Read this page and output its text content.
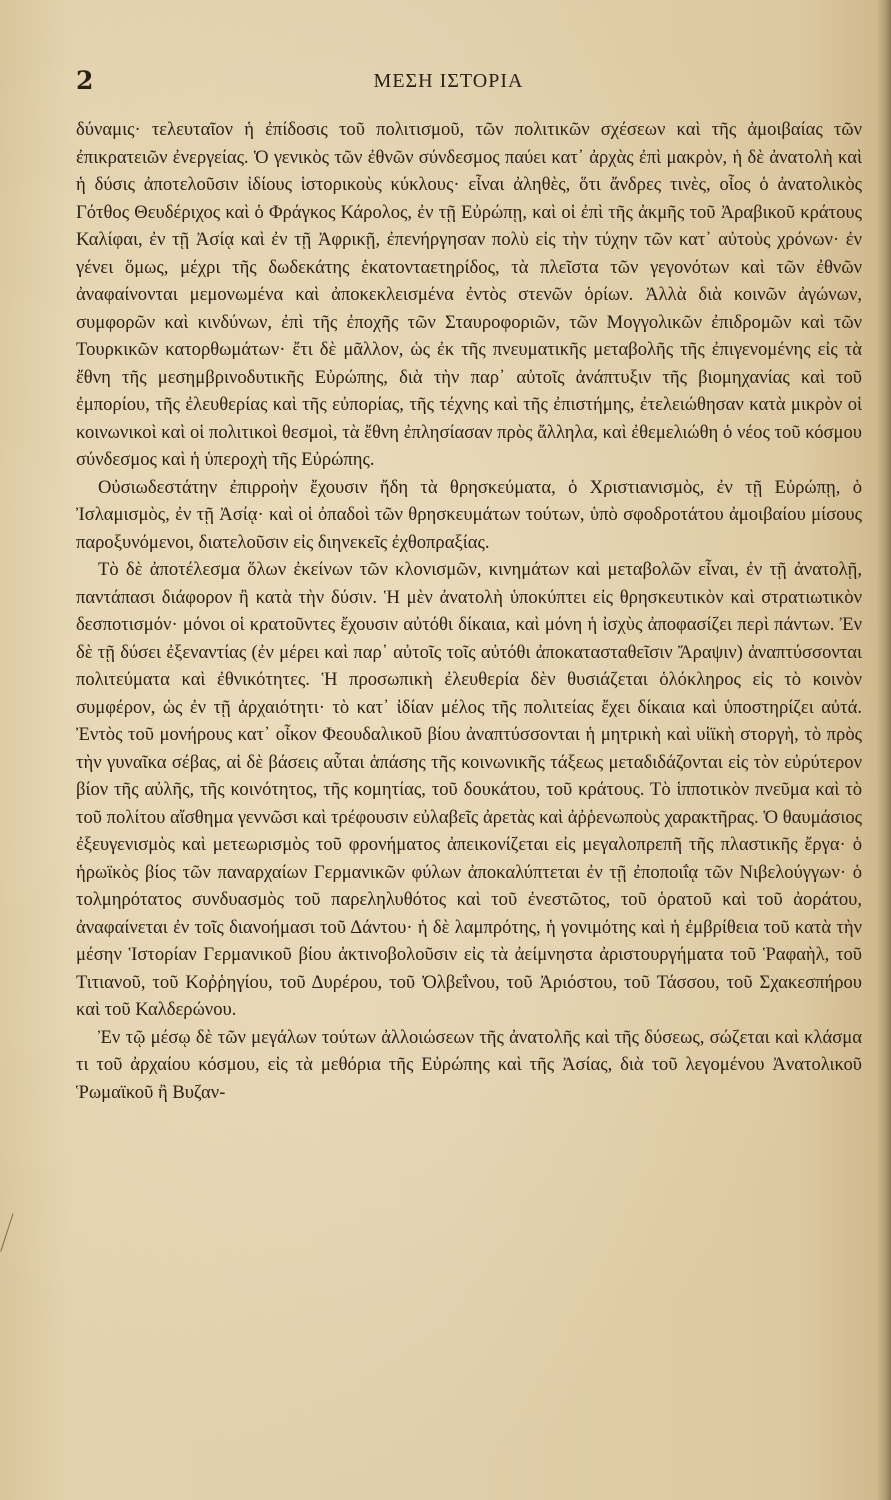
2	ΜΕΣΗ ΙΣΤΟΡΙΑ

δύναμις· τελευταῖον ἡ ἐπίδοσις τοῦ πολιτισμοῦ, τῶν πολιτικῶν σχέσεων καὶ τῆς ἀμοιβαίας τῶν ἐπικρατειῶν ἐνεργείας. Ὁ γενικὸς τῶν ἐθνῶν σύνδεσμος παύει κατ᾽ ἀρχὰς ἐπὶ μακρὸν, ἡ δὲ ἀνατολὴ καὶ ἡ δύσις ἀποτελοῦσιν ἰδίους ἱστορικοὺς κύκλους· εἶναι ἀληθὲς, ὅτι ἄνδρες τινὲς, οἷος ὁ ἀνατολικὸς Γότθος Θευδέριχος καὶ ὁ Φράγκος Κάρολος, ἐν τῇ Εὐρώπῃ, καὶ οἱ ἐπὶ τῆς ἀκμῆς τοῦ Ἀραβικοῦ κράτους Καλίφαι, ἐν τῇ Ἀσίᾳ καὶ ἐν τῇ Ἀφρικῇ, ἐπενήργησαν πολὺ εἰς τὴν τύχην τῶν κατ᾽ αὐτοὺς χρόνων· ἐν γένει ὅμως, μέχρι τῆς δωδεκάτης ἑκατονταετηρίδος, τὰ πλεῖστα τῶν γεγονότων καὶ τῶν ἐθνῶν ἀναφαίνονται μεμονωμένα καὶ ἀποκεκλεισμένα ἐντὸς στενῶν ὁρίων. Ἀλλὰ διὰ κοινῶν ἀγώνων, συμφορῶν καὶ κινδύνων, ἐπὶ τῆς ἐποχῆς τῶν Σταυροφοριῶν, τῶν Μογγολικῶν ἐπιδρομῶν καὶ τῶν Τουρκικῶν κατορθωμάτων· ἔτι δὲ μᾶλλον, ὡς ἐκ τῆς πνευματικῆς μεταβολῆς τῆς ἐπιγενομένης εἰς τὰ ἔθνη τῆς μεσημβρινοδυτικῆς Εὐρώπης, διὰ τὴν παρ᾽ αὐτοῖς ἀνάπτυξιν τῆς βιομηχανίας καὶ τοῦ ἐμπορίου, τῆς ἐλευθερίας καὶ τῆς εὐπορίας, τῆς τέχνης καὶ τῆς ἐπιστήμης, ἐτελειώθησαν κατὰ μικρὸν οἱ κοινωνικοὶ καὶ οἱ πολιτικοὶ θεσμοὶ, τὰ ἔθνη ἐπλησίασαν πρὸς ἄλληλα, καὶ ἐθεμελιώθη ὁ νέος τοῦ κόσμου σύνδεσμος καὶ ἡ ὑπεροχὴ τῆς Εὐρώπης.

Οὐσιωδεστάτην ἐπιρροὴν ἔχουσιν ἤδη τὰ θρησκεύματα, ὁ Χριστιανισμὸς, ἐν τῇ Εὐρώπῃ, ὁ Ἰσλαμισμὸς, ἐν τῇ Ἀσίᾳ· καὶ οἱ ὀπαδοὶ τῶν θρησκευμάτων τούτων, ὑπὸ σφοδροτάτου ἀμοιβαίου μίσους παροξυνόμενοι, διατελοῦσιν εἰς διηνεκεῖς ἐχθοπραξίας.

Τὸ δὲ ἀποτέλεσμα ὅλων ἐκείνων τῶν κλονισμῶν, κινημάτων καὶ μεταβολῶν εἶναι, ἐν τῇ ἀνατολῇ, παντάπασι διάφορον ἢ κατὰ τὴν δύσιν. Ἡ μὲν ἀνατολὴ ὑποκύπτει εἰς θρησκευτικὸν καὶ στρατιωτικὸν δεσποτισμόν· μόνοι οἱ κρατοῦντες ἔχουσιν αὐτόθι δίκαια, καὶ μόνη ἡ ἰσχὺς ἀποφασίζει περὶ πάντων. Ἐν δὲ τῇ δύσει ἐξεναντίας (ἐν μέρει καὶ παρ᾽ αὐτοῖς τοῖς αὐτόθι ἀποκατασταθεῖσιν Ἄραψιν) ἀναπτύσσονται πολιτεύματα καὶ ἐθνικότητες. Ἡ προσωπικὴ ἐλευθερία δὲν θυσιάζεται ὁλόκληρος εἰς τὸ κοινὸν συμφέρον, ὡς ἐν τῇ ἀρχαιότητι· τὸ κατ᾽ ἰδίαν μέλος τῆς πολιτείας ἔχει δίκαια καὶ ὑποστηρίζει αὐτά. Ἐντὸς τοῦ μονήρους κατ᾽ οἶκον Φεουδαλικοῦ βίου ἀναπτύσσονται ἡ μητρικὴ καὶ υἱϊκὴ στοργὴ, τὸ πρὸς τὴν γυναῖκα σέβας, αἱ δὲ βάσεις αὗται ἁπάσης τῆς κοινωνικῆς τάξεως μεταδιδάζονται εἰς τὸν εὐρύτερον βίον τῆς αὐλῆς, τῆς κοινότητος, τῆς κομητίας, τοῦ δουκάτου, τοῦ κράτους. Τὸ ἱπποτικὸν πνεῦμα καὶ τὸ τοῦ πολίτου αἴσθημα γεννῶσι καὶ τρέφουσιν εὐλαβεῖς ἀρετὰς καὶ ἀῤῥενωποὺς χαρακτῆρας. Ὁ θαυμάσιος ἐξευγενισμὸς καὶ μετεωρισμὸς τοῦ φρονήματος ἀπεικονίζεται εἰς μεγαλοπρεπῆ τῆς πλαστικῆς ἔργα· ὁ ἡρωϊκὸς βίος τῶν παναρχαίων Γερμανικῶν φύλων ἀποκαλύπτεται ἐν τῇ ἐποποιΐᾳ τῶν Νιβελούγγων· ὁ τολμηρότατος συνδυασμὸς τοῦ παρεληλυθότος καὶ τοῦ ἐνεστῶτος, τοῦ ὁρατοῦ καὶ τοῦ ἀοράτου, ἀναφαίνεται ἐν τοῖς διανοήμασι τοῦ Δάντου· ἡ δὲ λαμπρότης, ἡ γονιμότης καὶ ἡ ἐμβρίθεια τοῦ κατὰ τὴν μέσην Ἱστορίαν Γερμανικοῦ βίου ἀκτινοβολοῦσιν εἰς τὰ ἀείμνηστα ἀριστουργήματα τοῦ Ῥαφαὴλ, τοῦ Τιτιανοῦ, τοῦ Κοῤῥηγίου, τοῦ Δυρέρου, τοῦ Ὀλβεΐνου, τοῦ Ἀριόστου, τοῦ Τάσσου, τοῦ Σχακεσπήρου καὶ τοῦ Καλδερώνου.

Ἐν τῷ μέσῳ δὲ τῶν μεγάλων τούτων ἀλλοιώσεων τῆς ἀνατολῆς καὶ τῆς δύσεως, σώζεται καὶ κλάσμα τι τοῦ ἀρχαίου κόσμου, εἰς τὰ μεθόρια τῆς Εὐρώπης καὶ τῆς Ἀσίας, διὰ τοῦ λεγομένου Ἀνατολικοῦ Ῥωμαϊκοῦ ἢ Βυζαν-
